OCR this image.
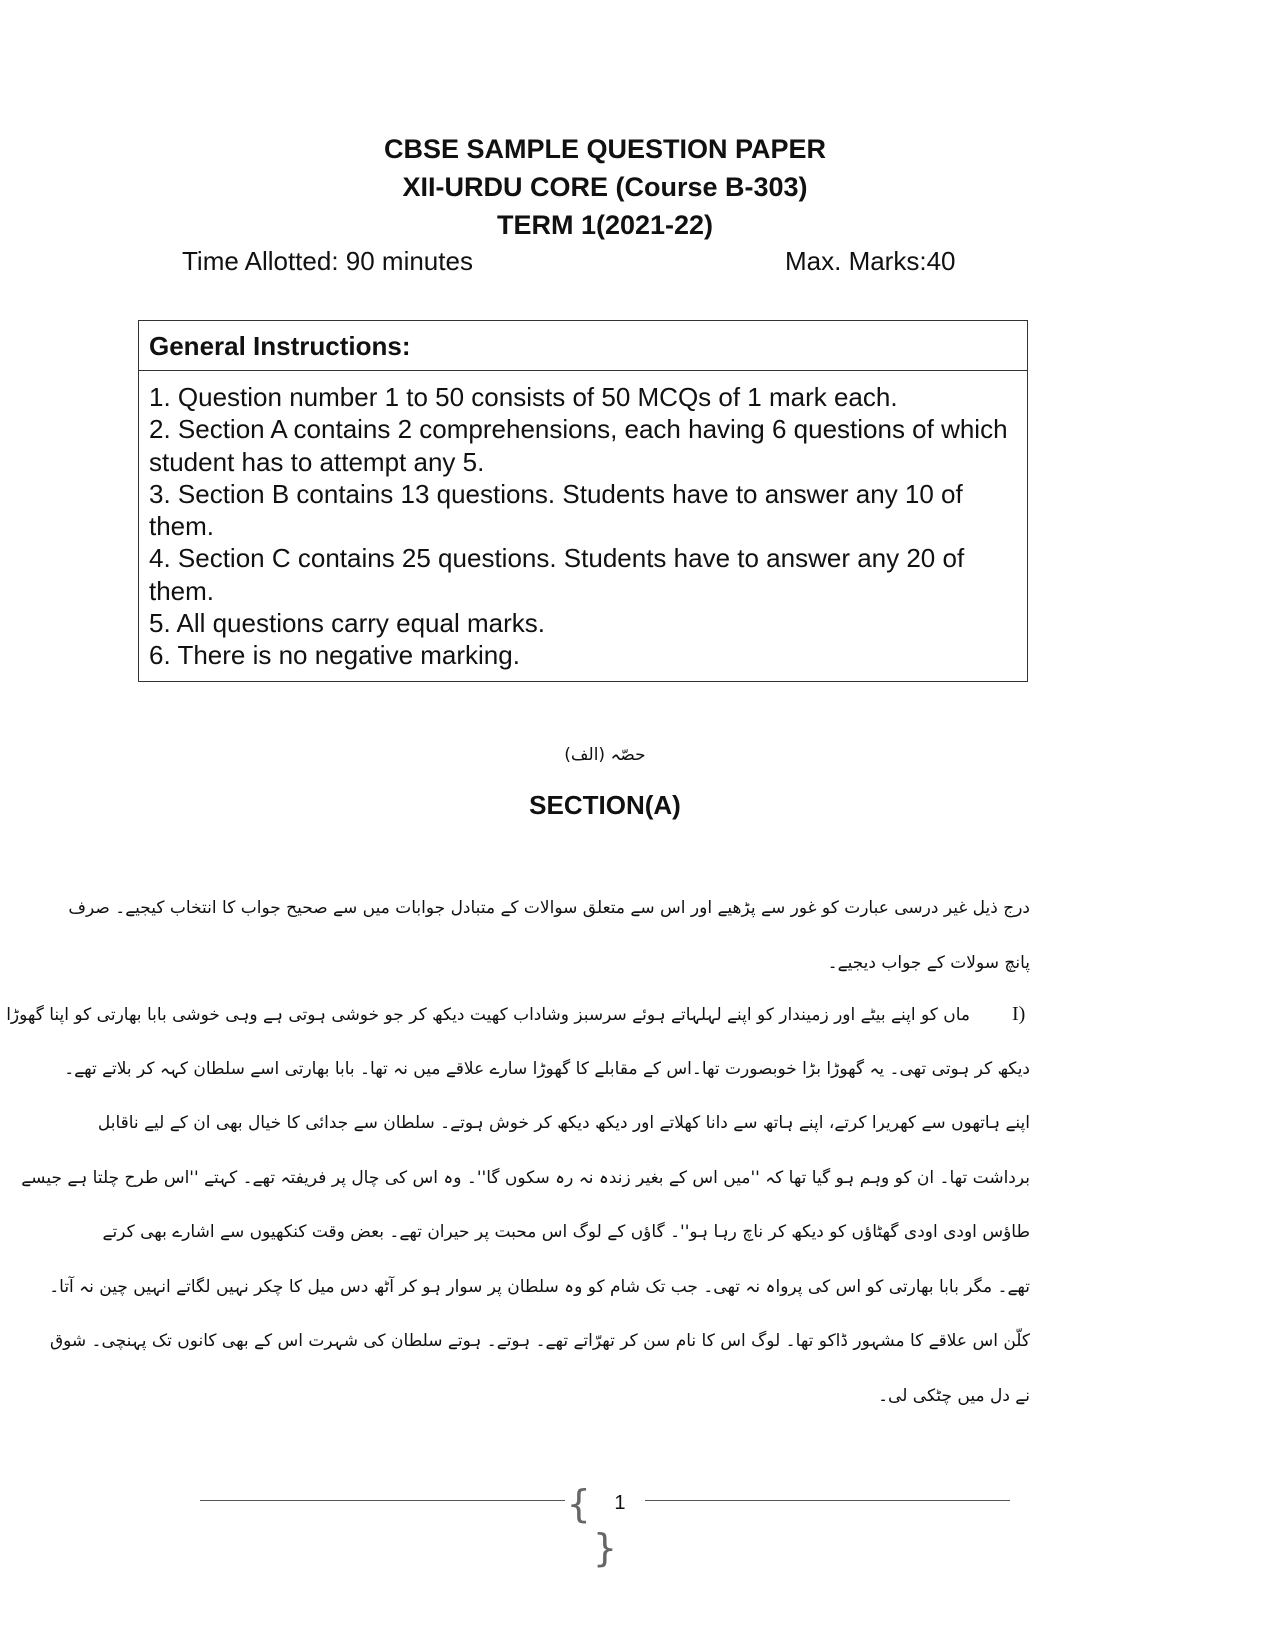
CBSE SAMPLE QUESTION PAPER
XII-URDU CORE (Course B-303)
TERM 1(2021-22)
Time Allotted: 90 minutes	Max. Marks:40
General Instructions:
1. Question number 1 to 50 consists of 50 MCQs of 1 mark each.
2. Section A contains 2 comprehensions, each having 6 questions of which student has to attempt any 5.
3. Section B contains 13 questions. Students have to answer any 10 of them.
4. Section C contains 25 questions. Students have to answer any 20 of them.
5. All questions carry equal marks.
6. There is no negative marking.
حصّہ (الف)
SECTION(A)
درج ذیل غیر درسی عبارت کو غور سے پڑھیے اور اس سے متعلق سوالات کے متبادل جوابات میں سے صحیح جواب کا انتخاب کیجیے۔ صرف
پانچ سولات کے جواب دیجیے۔
I)
ماں کو اپنے بیٹے اور زمیندار کو اپنے لہلہاتے ہوئے سرسبز وشاداب کھیت دیکھ کر جو خوشی ہوتی ہے وہی خوشی بابا بھارتی کو اپنا گھوڑا
دیکھ کر ہوتی تھی۔ یہ گھوڑا بڑا خوبصورت تھا۔اس کے مقابلے کا گھوڑا سارے علاقے میں نہ تھا۔ بابا بھارتی اسے سلطان کہہ کر بلاتے تھے۔
اپنے ہاتھوں سے کھریرا کرتے، اپنے ہاتھ سے دانا کھلاتے اور دیکھ دیکھ کر خوش ہوتے۔ سلطان سے جدائی کا خیال بھی ان کے لیے ناقابل
برداشت تھا۔ ان کو وہم ہو گیا تھا کہ ''میں اس کے بغیر زندہ نہ رہ سکوں گا''۔ وہ اس کی چال پر فریفتہ تھے۔ کہتے ''اس طرح چلتا ہے جیسے
طاؤس اودی اودی گھٹاؤں کو دیکھ کر ناچ رہا ہو''۔ گاؤں کے لوگ اس محبت پر حیران تھے۔ بعض وقت کنکھیوں سے اشارے بھی کرتے
تھے۔ مگر بابا بھارتی کو اس کی پرواہ نہ تھی۔ جب تک شام کو وہ سلطان پر سوار ہو کر آٹھ دس میل کا چکر نہیں لگاتے انہیں چین نہ آتا۔
کلّن اس علاقے کا مشہور ڈاکو تھا۔ لوگ اس کا نام سن کر تھرّاتے تھے۔ ہوتے۔ ہوتے سلطان کی شہرت اس کے بھی کانوں تک پہنچی۔ شوق
نے دل میں چٹکی لی۔
{ 1 }
